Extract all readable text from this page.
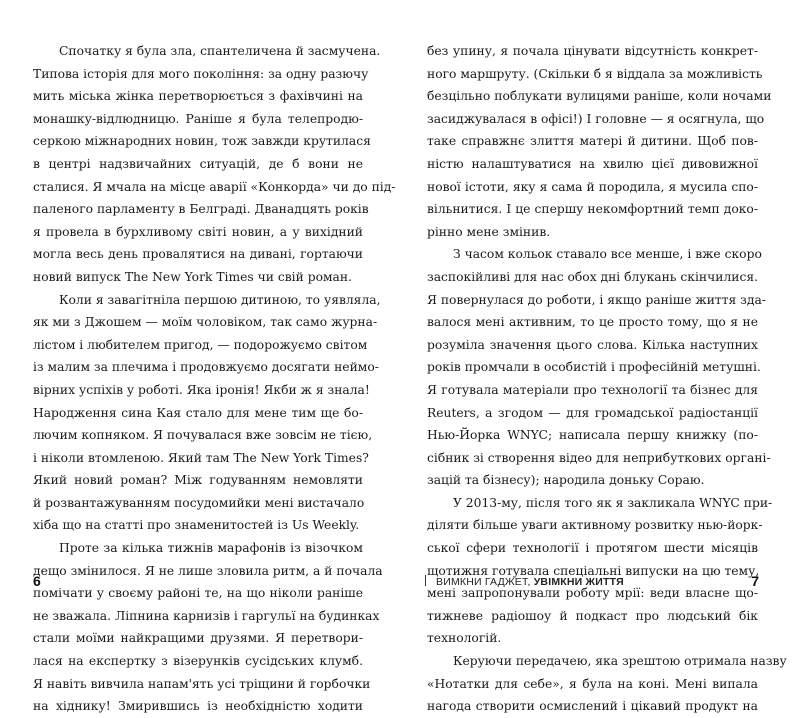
Спочатку я була зла, спантеличена й засмучена.
Типова історія для мого покоління: за одну разючу
мить міська жінка перетворюється з фахівчині на
монашку-відлюдницю. Раніше я була телепродю-
серкою міжнародних новин, тож завжди крутилася
в центрі надзвичайних ситуацій, де б вони не
сталися. Я мчала на місце аварії «Конкорда» чи до під-
паленого парламенту в Белграді. Дванадцять років
я провела в бурхливому світі новин, а у вихідний
могла весь день провалятися на дивані, гортаючи
новий випуск The New York Times чи свій роман.
Коли я завагітніла першою дитиною, то уявляла,
як ми з Джошем — моїм чоловіком, так само журна-
лістом і любителем пригод, — подорожуємо світом
із малим за плечима і продовжуємо досягати неймо-
вірних успіхів у роботі. Яка іронія! Якби ж я знала!
Народження сина Кая стало для мене тим ще бо-
лючим копняком. Я почувалася вже зовсім не тією,
і ніколи втомленою. Який там The New York Times?
Який новий роман? Між годуванням немовляти
й розвантажуванням посудомийки мені вистачало
хіба що на статті про знаменитостей із Us Weekly.
Проте за кілька тижнів марафонів із візочком
дещо змінилося. Я не лише зловила ритм, а й почала
помічати у своєму районі те, на що ніколи раніше
не зважала. Ліпнина карнизів і гаргульї на будинках
стали моїми найкращими друзями. Я перетвори-
лася на експертку з візерунків сусідських клумб.
Я навіть вивчила напам'ять усі тріщини й горбочки
на хіднику! Змирившись із необхідністю ходити
6
без упину, я почала цінувати відсутність конкрет-
ного маршруту. (Скільки б я віддала за можливість
безцільно поблукати вулицями раніше, коли ночами
засиджувалася в офісі!) І головне — я осягнула, що
таке справжнє злиття матері й дитини. Щоб пов-
ністю налаштуватися на хвилю цієї дивовижної
нової істоти, яку я сама й породила, я мусила спо-
вільнитися. І це спершу некомфортний темп доко-
рінно мене змінив.
З часом кольок ставало все менше, і вже скоро
заспокійливі для нас обох дні блукань скінчилися.
Я повернулася до роботи, і якщо раніше життя зда-
валося мені активним, то це просто тому, що я не
розуміла значення цього слова. Кілька наступних
років промчали в особистій і професійній метушні.
Я готувала матеріали про технології та бізнес для
Reuters, а згодом — для громадської радіостанції
Нью-Йорка WNYC; написала першу книжку (по-
сібник зі створення відео для неприбуткових органі-
зацій та бізнесу); народила доньку Сораю.
У 2013-му, після того як я закликала WNYC при-
діляти більше уваги активному розвитку нью-йорк-
ської сфери технології і протягом шести місяців
щотижня готувала спеціальні випуски на цю тему,
мені запропонували роботу мрії: веди власне що-
тижневе радіошоу й подкаст про людський бік
технологій.
Керуючи передачею, яка зрештою отримала назву
«Нотатки для себе», я була на коні. Мені випала
нагода створити осмислений і цікавий продукт на
ВИМКНИ ГАДЖЕТ, УВІМКНИ ЖИТТЯ	7
